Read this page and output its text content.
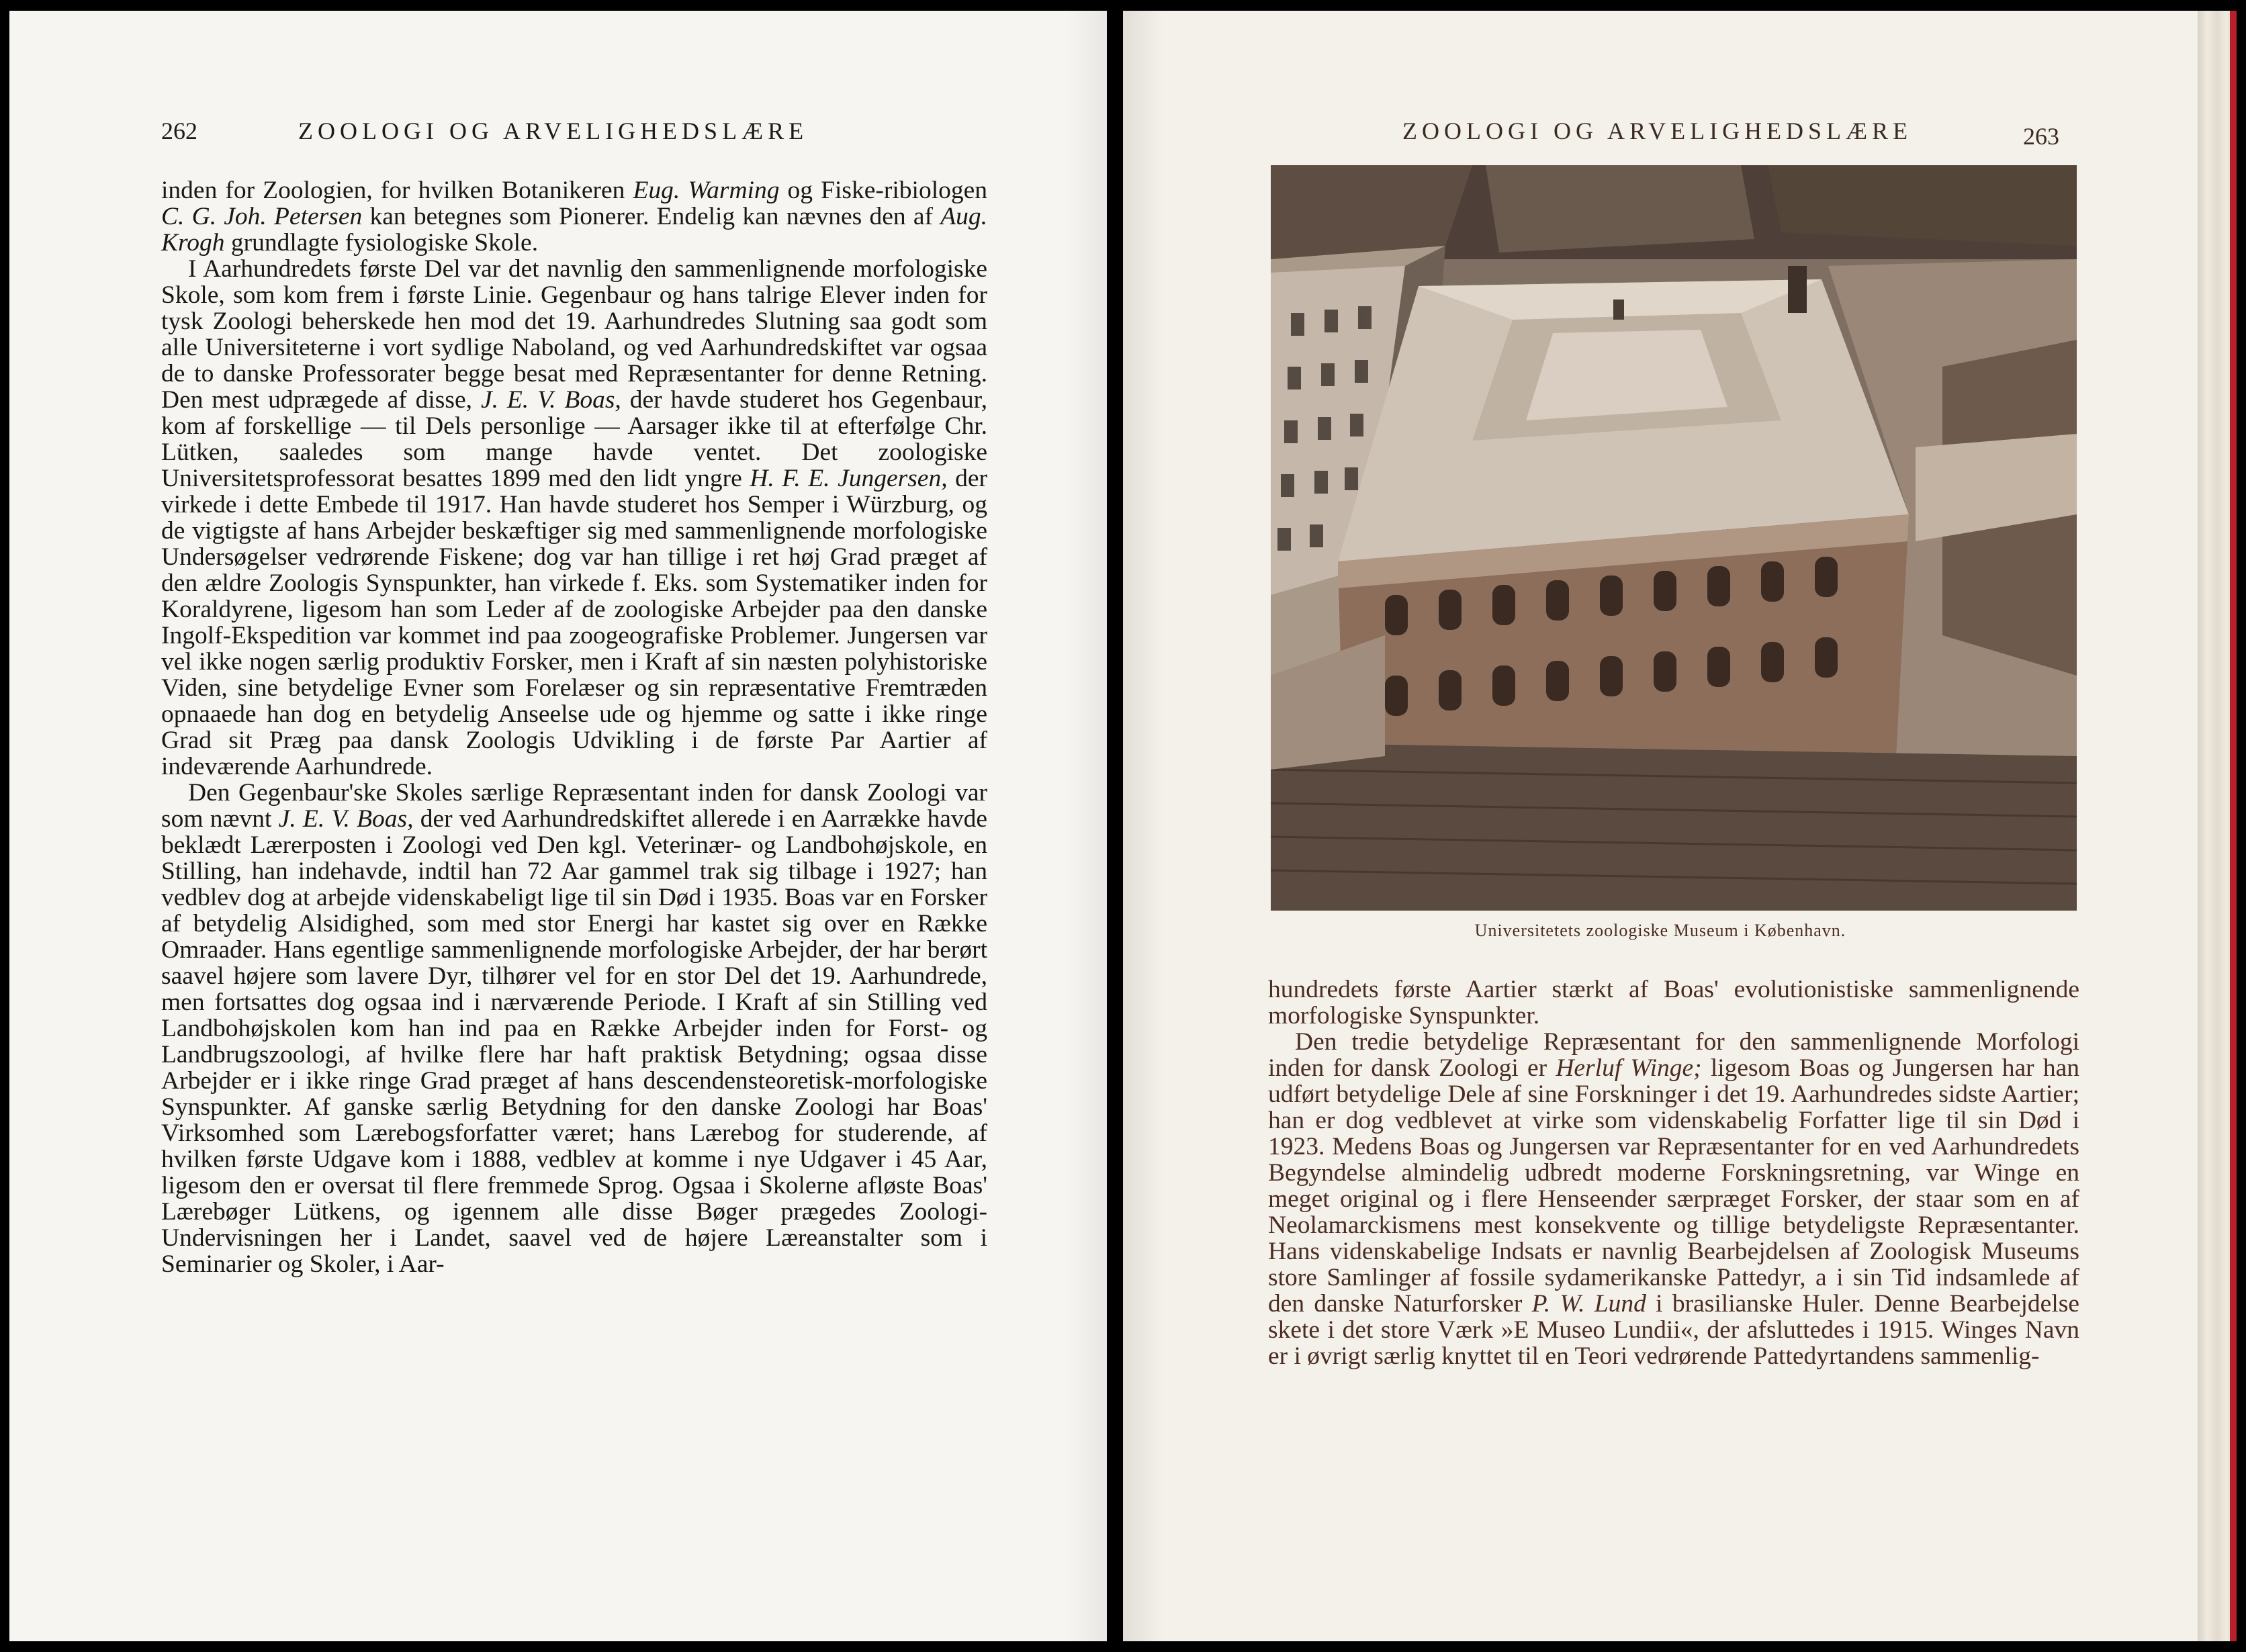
262	ZOOLOGI OG ARVELIGHEDSLÆRE

inden for Zoologien, for hvilken Botanikeren Eug. Warming og Fiske-ribiologen C. G. Joh. Petersen kan betegnes som Pionerer. Endelig kan nævnes den af Aug. Krogh grundlagte fysiologiske Skole.

I Aarhundredets første Del var det navnlig den sammenlignende morfologiske Skole, som kom frem i første Linie. Gegenbaur og hans talrige Elever inden for tysk Zoologi beherskede hen mod det 19. Aarhundredes Slutning saa godt som alle Universiteterne i vort sydlige Naboland, og ved Aarhundredskiftet var ogsaa de to danske Professorater begge besat med Repræsentanter for denne Retning. Den mest udprægede af disse, J. E. V. Boas, der havde studeret hos Gegenbaur, kom af forskellige — til Dels personlige — Aarsager ikke til at efterfølge Chr. Lütken, saaledes som mange havde ventet. Det zoologiske Universitetsprofessorat besattes 1899 med den lidt yngre H. F. E. Jungersen, der virkede i dette Embede til 1917. Han havde studeret hos Semper i Würzburg, og de vigtigste af hans Arbejder beskæftiger sig med sammenlignende morfologiske Undersøgelser vedrørende Fiskene; dog var han tillige i ret høj Grad præget af den ældre Zoologis Synspunkter, han virkede f. Eks. som Systematiker inden for Koraldyrene, ligesom han som Leder af de zoologiske Arbejder paa den danske Ingolf-Ekspedition var kommet ind paa zoogeografiske Problemer. Jungersen var vel ikke nogen særlig produktiv Forsker, men i Kraft af sin næsten polyhistoriske Viden, sine betydelige Evner som Forelæser og sin repræsentative Fremtræden opnaaede han dog en betydelig Anseelse ude og hjemme og satte i ikke ringe Grad sit Præg paa dansk Zoologis Udvikling i de første Par Aartier af indeværende Aarhundrede.

Den Gegenbaur'ske Skoles særlige Repræsentant inden for dansk Zoologi var som nævnt J. E. V. Boas, der ved Aarhundredskiftet allerede i en Aarrække havde beklædt Lærerposten i Zoologi ved Den kgl. Veterinær- og Landbohøjskole, en Stilling, han indehavde, indtil han 72 Aar gammel trak sig tilbage i 1927; han vedblev dog at arbejde videnskabeligt lige til sin Død i 1935. Boas var en Forsker af betydelig Alsidighed, som med stor Energi har kastet sig over en Række Omraader. Hans egentlige sammenlignende morfologiske Arbejder, der har berørt saavel højere som lavere Dyr, tilhører vel for en stor Del det 19. Aarhundrede, men fortsattes dog ogsaa ind i nærværende Periode. I Kraft af sin Stilling ved Landbohøjskolen kom han ind paa en Række Arbejder inden for Forst- og Landbrugszoologi, af hvilke flere har haft praktisk Betydning; ogsaa disse Arbejder er i ikke ringe Grad præget af hans descendensteoretisk-morfologiske Synspunkter. Af ganske særlig Betydning for den danske Zoologi har Boas' Virksomhed som Lærebogsforfatter været; hans Lærebog for studerende, af hvilken første Udgave kom i 1888, vedblev at komme i nye Udgaver i 45 Aar, ligesom den er oversat til flere fremmede Sprog. Ogsaa i Skolerne afløste Boas' Lærebøger Lütkens, og igennem alle disse Bøger prægedes Zoologi-Undervisningen her i Landet, saavel ved de højere Læreanstalter som i Seminarier og Skoler, i Aar-

ZOOLOGI OG ARVELIGHEDSLÆRE	263
Universitetets zoologiske Museum i København.

hundredets første Aartier stærkt af Boas' evolutionistiske sammenlignende morfologiske Synspunkter.

Den tredie betydelige Repræsentant for den sammenlignende Morfologi inden for dansk Zoologi er Herluf Winge; ligesom Boas og Jungersen har han udført betydelige Dele af sine Forskninger i det 19. Aarhundredes sidste Aartier; han er dog vedblevet at virke som videnskabelig Forfatter lige til sin Død i 1923. Medens Boas og Jungersen var Repræsentanter for en ved Aarhundredets Begyndelse almindelig udbredt moderne Forskningsretning, var Winge en meget original og i flere Henseender særpræget Forsker, der staar som en af Neolamarckismens mest konsekvente og tillige betydeligste Repræsentanter. Hans videnskabelige Indsats er navnlig Bearbejdelsen af Zoologisk Museums store Samlinger af fossile sydamerikanske Pattedyr, a i sin Tid indsamlede af den danske Naturforsker P. W. Lund i brasilianske Huler. Denne Bearbejdelse skete i det store Værk »E Museo Lundii«, der afsluttedes i 1915. Winges Navn er i øvrigt særlig knyttet til en Teori vedrørende Pattedyrtandens sammenlig-
